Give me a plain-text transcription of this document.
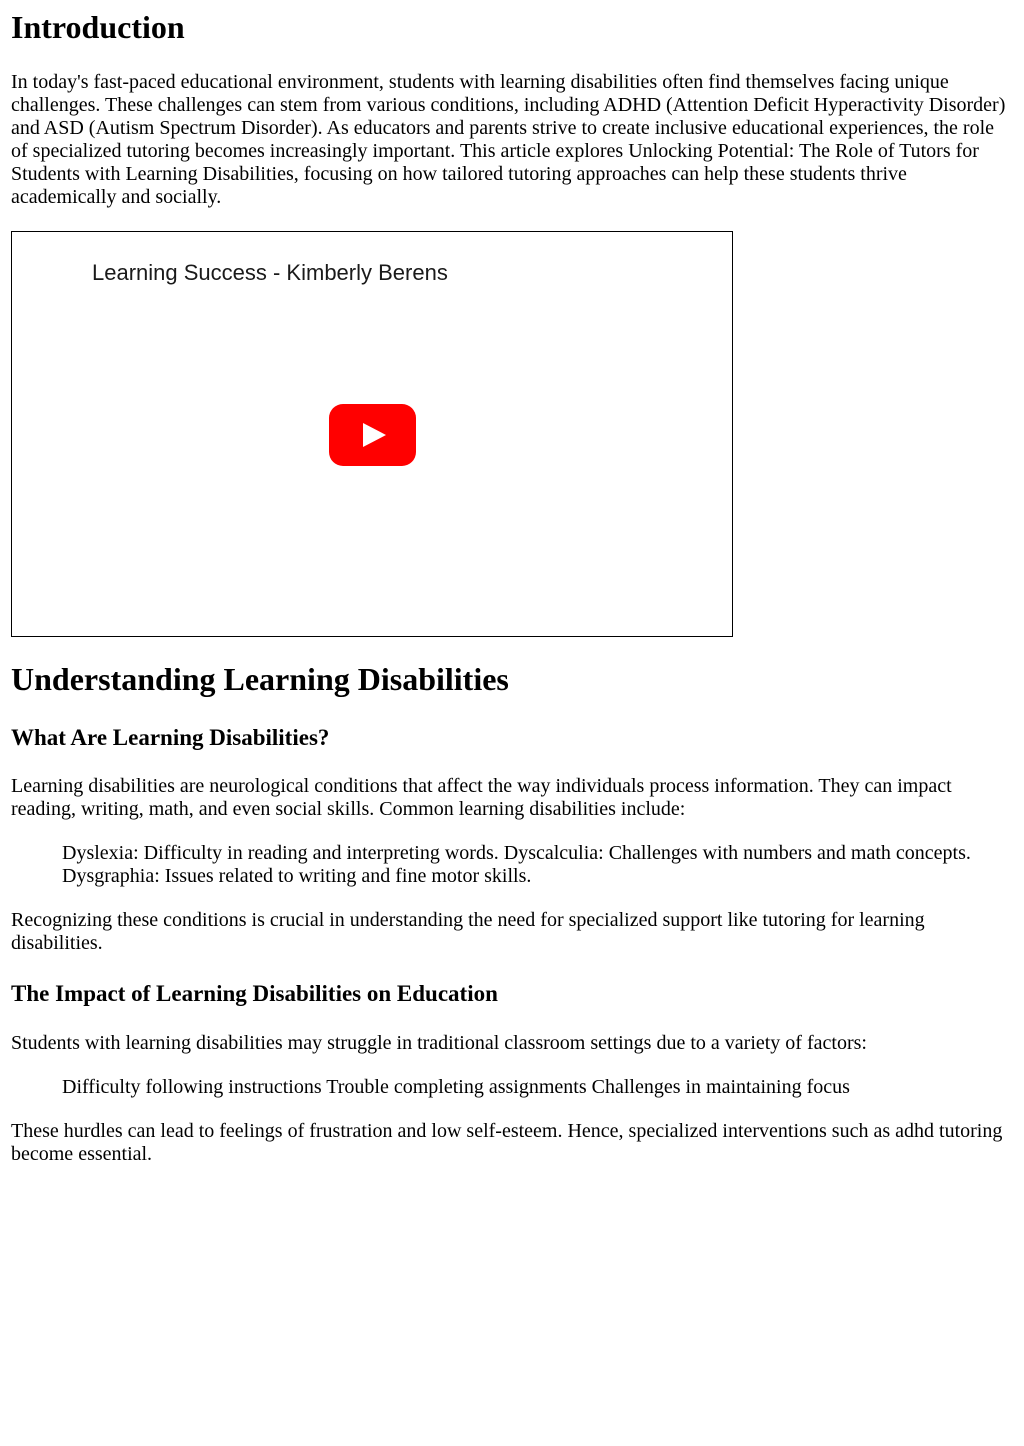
Introduction

In today's fast-paced educational environment, students with learning disabilities often find themselves facing unique challenges. These challenges can stem from various conditions, including ADHD (Attention Deficit Hyperactivity Disorder) and ASD (Autism Spectrum Disorder). As educators and parents strive to create inclusive educational experiences, the role of specialized tutoring becomes increasingly important. This article explores Unlocking Potential: The Role of Tutors for Students with Learning Disabilities, focusing on how tailored tutoring approaches can help these students thrive academically and socially.

Learning Success - Kimberly Berens
Understanding Learning Disabilities
What Are Learning Disabilities?

Learning disabilities are neurological conditions that affect the way individuals process information. They can impact reading, writing, math, and even social skills. Common learning disabilities include:

Dyslexia: Difficulty in reading and interpreting words. Dyscalculia: Challenges with numbers and math concepts. Dysgraphia: Issues related to writing and fine motor skills.

Recognizing these conditions is crucial in understanding the need for specialized support like tutoring for learning disabilities.

The Impact of Learning Disabilities on Education

Students with learning disabilities may struggle in traditional classroom settings due to a variety of factors:

Difficulty following instructions Trouble completing assignments Challenges in maintaining focus

These hurdles can lead to feelings of frustration and low self-esteem. Hence, specialized interventions such as adhd tutoring become essential.
